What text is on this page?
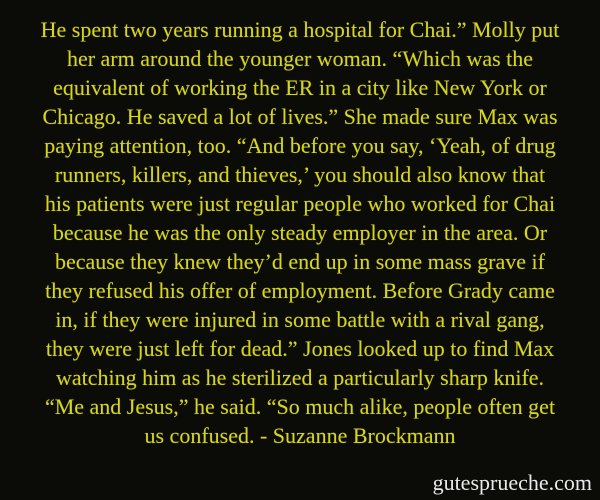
He spent two years running a hospital for Chai.” Molly put
her arm around the younger woman. “Which was the
equivalent of working the ER in a city like New York or
Chicago. He saved a lot of lives.” She made sure Max was
paying attention, too. “And before you say, ‘Yeah, of drug
runners, killers, and thieves,’ you should also know that
his patients were just regular people who worked for Chai
because he was the only steady employer in the area. Or
because they knew they’d end up in some mass grave if
they refused his offer of employment. Before Grady came
in, if they were injured in some battle with a rival gang,
they were just left for dead.” Jones looked up to find Max
watching him as he sterilized a particularly sharp knife.
“Me and Jesus,” he said. “So much alike, people often get
us confused. - Suzanne Brockmann
gutesprueche.com
